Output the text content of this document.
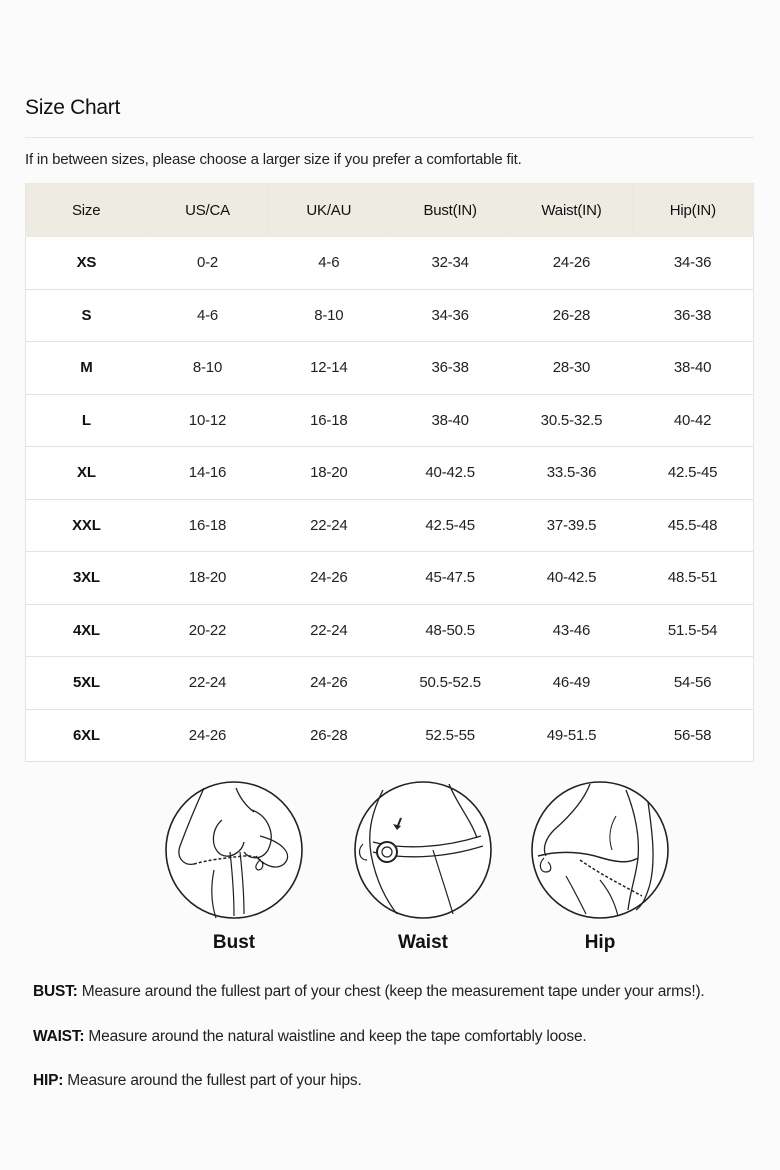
Size Chart
If in between sizes, please choose a larger size if you prefer a comfortable fit.
Size	US/CA	UK/AU	Bust(IN)	Waist(IN)	Hip(IN)
XS	0-2	4-6	32-34	24-26	34-36
S	4-6	8-10	34-36	26-28	36-38
M	8-10	12-14	36-38	28-30	38-40
L	10-12	16-18	38-40	30.5-32.5	40-42
XL	14-16	18-20	40-42.5	33.5-36	42.5-45
XXL	16-18	22-24	42.5-45	37-39.5	45.5-48
3XL	18-20	24-26	45-47.5	40-42.5	48.5-51
4XL	20-22	22-24	48-50.5	43-46	51.5-54
5XL	22-24	24-26	50.5-52.5	46-49	54-56
6XL	24-26	26-28	52.5-55	49-51.5	56-58
Bust	Waist	Hip
BUST: Measure around the fullest part of your chest (keep the measurement tape under your arms!).
WAIST: Measure around the natural waistline and keep the tape comfortably loose.
HIP: Measure around the fullest part of your hips.
